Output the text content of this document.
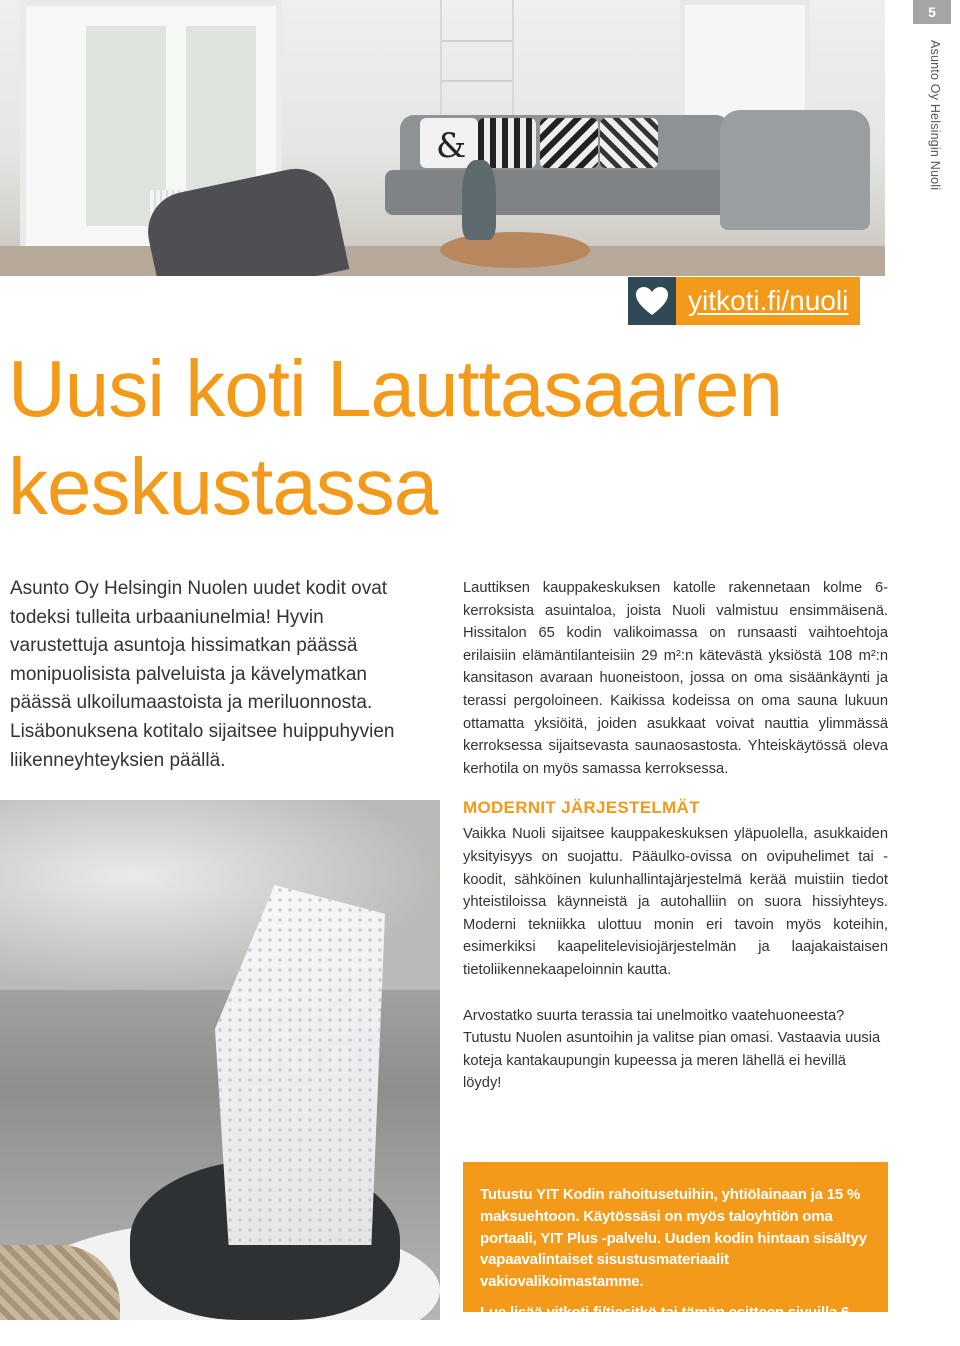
&
5
Asunto Oy Helsingin Nuoli
yitkoti.fi/nuoli
Uusi koti Lauttasaaren
keskustassa

Asunto Oy Helsingin Nuolen uudet kodit ovat todeksi tulleita urbaaniunelmia! Hyvin varustettuja asuntoja hissimatkan päässä monipuolisista palveluista ja kävelymatkan päässä ulkoilumaastoista ja meriluonnosta. Lisäbonuksena kotitalo sijaitsee huippuhyvien liikenneyhteyksien päällä.

Lauttiksen kauppakeskuksen katolle rakennetaan kolme 6-kerroksista asuintaloa, joista Nuoli valmistuu ensimmäisenä. Hissitalon 65 kodin valikoimassa on runsaasti vaihtoehtoja erilaisiin elämäntilanteisiin 29 m²:n kätevästä yksiöstä 108 m²:n kansitason avaraan huoneistoon, jossa on oma sisäänkäynti ja terassi pergoloineen. Kaikissa kodeissa on oma sauna lukuun ottamatta yksiöitä, joiden asukkaat voivat nauttia ylimmässä kerroksessa sijaitsevasta saunaosastosta. Yhteiskäytössä oleva kerhotila on myös samassa kerroksessa.

MODERNIT JÄRJESTELMÄT

Vaikka Nuoli sijaitsee kauppakeskuksen yläpuolella, asukkaiden yksityisyys on suojattu. Pääulko-ovissa on ovipuhelimet tai -koodit, sähköinen kulunhallintajärjestelmä kerää muistiin tiedot yhteistiloissa käynneistä ja autohalliin on suora hissiyhteys. Moderni tekniikka ulottuu monin eri tavoin myös koteihin, esimerkiksi kaapelitelevisiojärjestelmän ja laajakaistaisen tietoliikennekaapeloinnin kautta.

Arvostatko suurta terassia tai unelmoitko vaatehuoneesta? Tutustu Nuolen asuntoihin ja valitse pian omasi. Vastaavia uusia koteja kantakaupungin kupeessa ja meren lähellä ei hevillä löydy!

Tutustu YIT Kodin rahoitusetuihin, yhtiölainaan ja 15 % maksuehtoon. Käytössäsi on myös taloyhtiön oma portaali, YIT Plus -palvelu. Uuden kodin hintaan sisältyy vapaavalintaiset sisustusmateriaalit vakiovalikoimastamme.

Lue lisää yitkoti.fi/tiesitkö tai tämän esitteen sivuilla 6-13.
